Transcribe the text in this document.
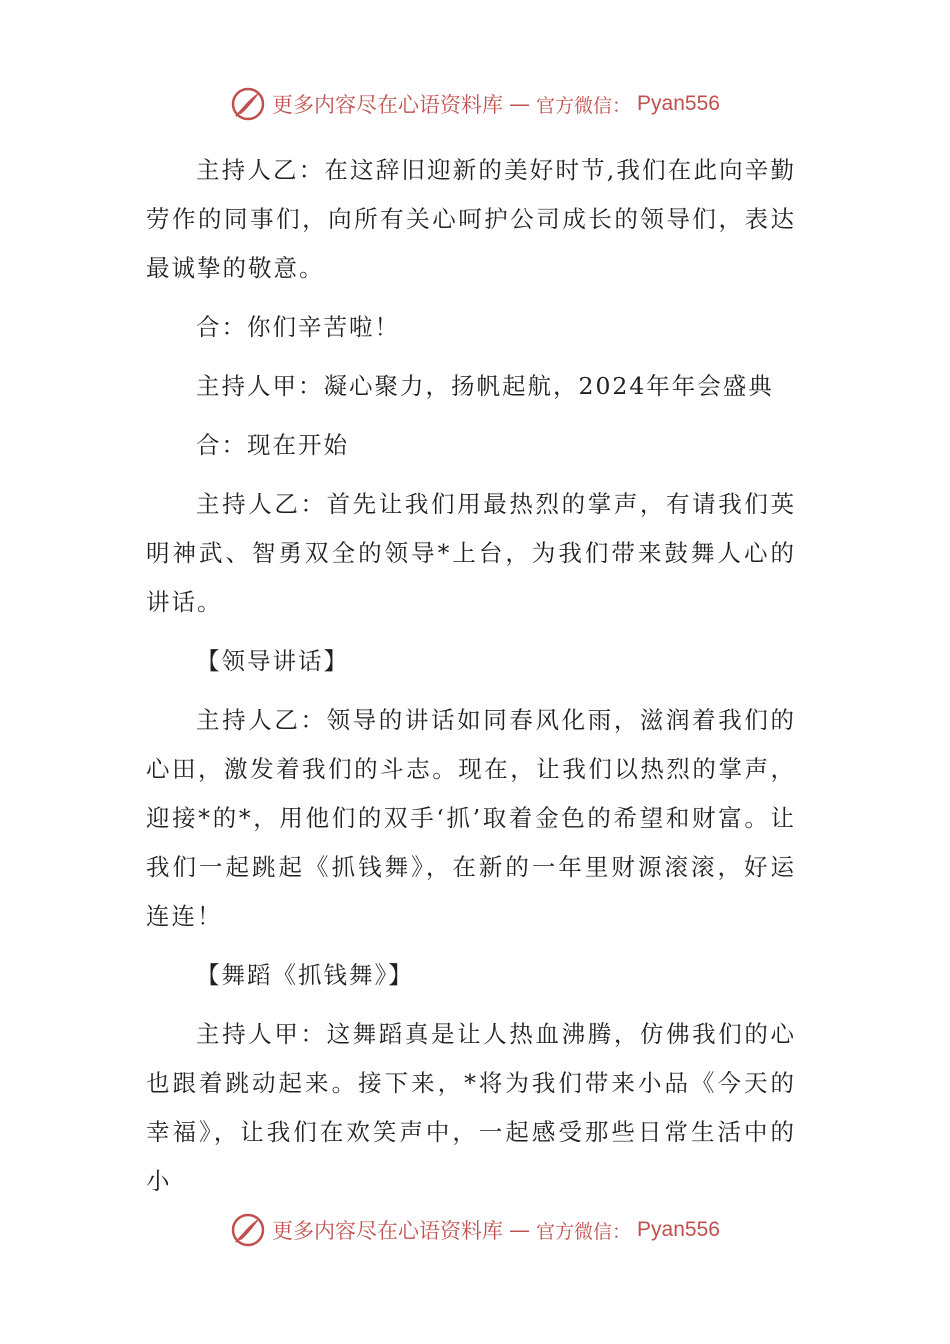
更多内容尽在心语资料库 — 官方微信： Pyan556

主持人乙：在这辞旧迎新的美好时节,我们在此向辛勤劳作的同事们，向所有关心呵护公司成长的领导们，表达最诚挚的敬意。

合：你们辛苦啦！

主持人甲：凝心聚力，扬帆起航，2024年年会盛典

合：现在开始

主持人乙：首先让我们用最热烈的掌声，有请我们英明神武、智勇双全的领导*上台，为我们带来鼓舞人心的讲话。

【领导讲话】

主持人乙：领导的讲话如同春风化雨，滋润着我们的心田，激发着我们的斗志。现在，让我们以热烈的掌声，迎接*的*，用他们的双手‘抓’取着金色的希望和财富。让我们一起跳起《抓钱舞》，在新的一年里财源滚滚，好运连连！

【舞蹈《抓钱舞》】

主持人甲：这舞蹈真是让人热血沸腾，仿佛我们的心也跟着跳动起来。接下来，*将为我们带来小品《今天的幸福》，让我们在欢笑声中，一起感受那些日常生活中的小

更多内容尽在心语资料库 — 官方微信： Pyan556
